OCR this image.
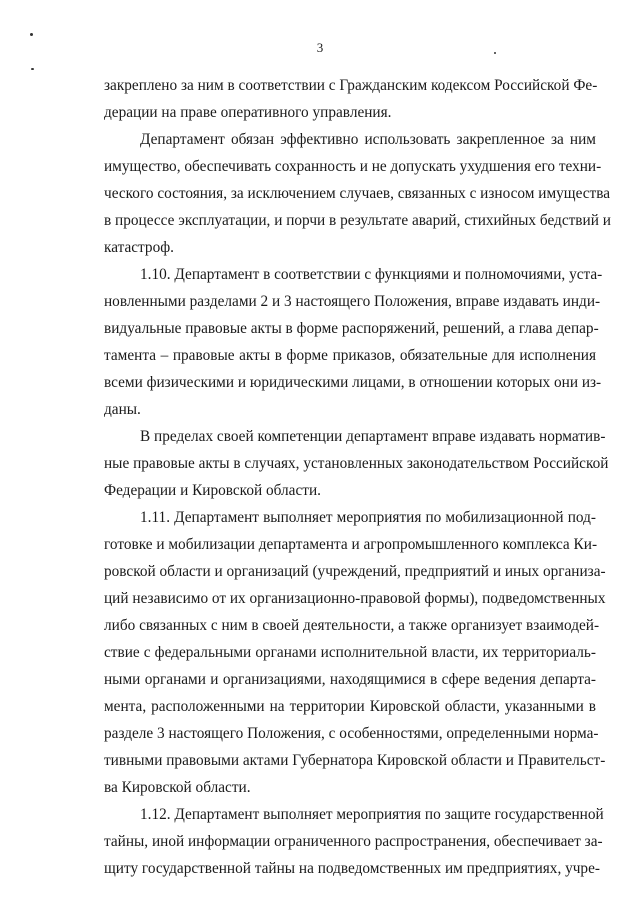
3
закреплено за ним в соответствии с Гражданским кодексом Российской Фе-
дерации на праве оперативного управления.
Департамент обязан эффективно использовать закрепленное за ним
имущество, обеспечивать сохранность и не допускать ухудшения его техни-
ческого состояния, за исключением случаев, связанных с износом имущества
в процессе эксплуатации, и порчи в результате аварий, стихийных бедствий и
катастроф.
1.10. Департамент в соответствии с функциями и полномочиями, уста-
новленными разделами 2 и 3 настоящего Положения, вправе издавать инди-
видуальные правовые акты в форме распоряжений, решений, а глава депар-
тамента – правовые акты в форме приказов, обязательные для исполнения
всеми физическими и юридическими лицами, в отношении которых они из-
даны.
В пределах своей компетенции департамент вправе издавать норматив-
ные правовые акты в случаях, установленных законодательством Российской
Федерации и Кировской области.
1.11. Департамент выполняет мероприятия по мобилизационной под-
готовке и мобилизации департамента и агропромышленного комплекса Ки-
ровской области и организаций (учреждений, предприятий и иных организа-
ций независимо от их организационно-правовой формы), подведомственных
либо связанных с ним в своей деятельности, а также организует взаимодей-
ствие с федеральными органами исполнительной власти, их территориаль-
ными органами и организациями, находящимися в сфере ведения департа-
мента, расположенными на территории Кировской области, указанными в
разделе 3 настоящего Положения, с особенностями, определенными норма-
тивными правовыми актами Губернатора Кировской области и Правительст-
ва Кировской области.
1.12. Департамент выполняет мероприятия по защите государственной
тайны, иной информации ограниченного распространения, обеспечивает за-
щиту государственной тайны на подведомственных им предприятиях, учре-
